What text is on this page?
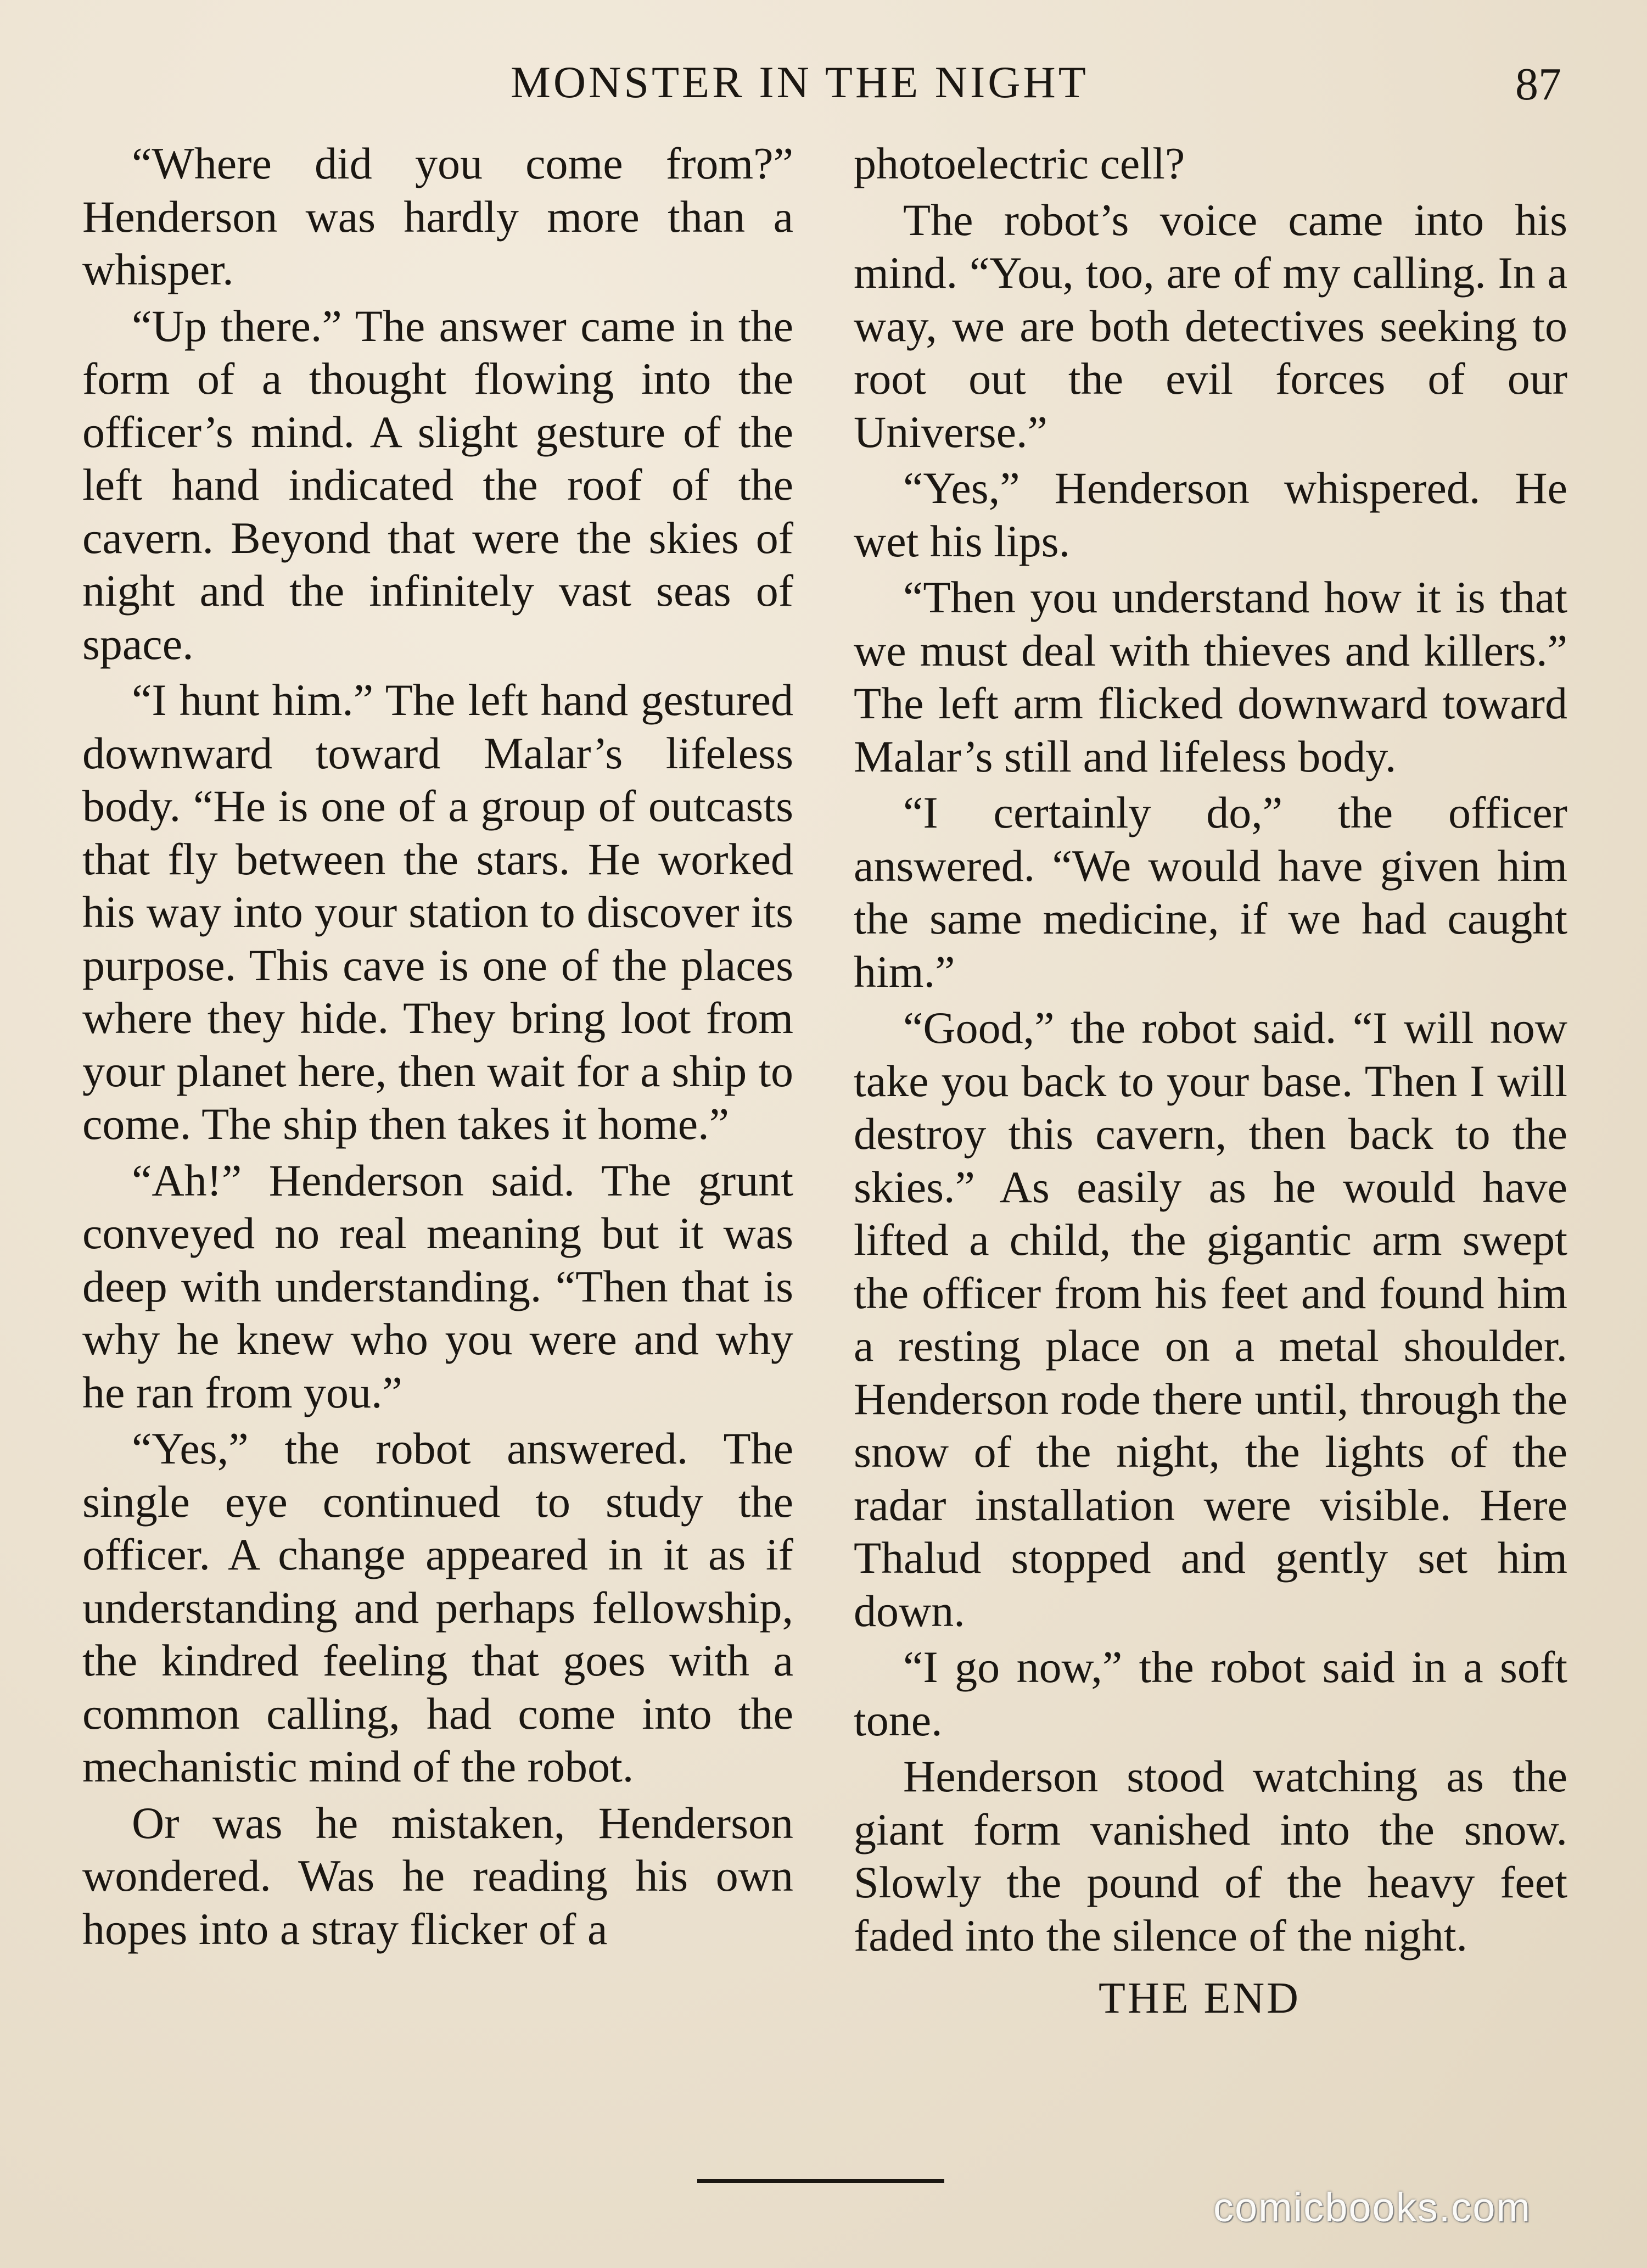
MONSTER IN THE NIGHT	87

“Where did you come from?” Henderson was hardly more than a whisper.

“Up there.” The answer came in the form of a thought flowing into the officer’s mind. A slight gesture of the left hand indicated the roof of the cavern. Beyond that were the skies of night and the infinitely vast seas of space.

“I hunt him.” The left hand gestured downward toward Malar’s lifeless body. “He is one of a group of outcasts that fly between the stars. He worked his way into your station to discover its purpose. This cave is one of the places where they hide. They bring loot from your planet here, then wait for a ship to come. The ship then takes it home.”

“Ah!” Henderson said. The grunt conveyed no real meaning but it was deep with understanding. “Then that is why he knew who you were and why he ran from you.”

“Yes,” the robot answered. The single eye continued to study the officer. A change appeared in it as if understanding and perhaps fellowship, the kindred feeling that goes with a common calling, had come into the mechanistic mind of the robot.

Or was he mistaken, Henderson wondered. Was he reading his own hopes into a stray flicker of a

photoelectric cell?

The robot’s voice came into his mind. “You, too, are of my calling. In a way, we are both detectives seeking to root out the evil forces of our Universe.”

“Yes,” Henderson whispered. He wet his lips.

“Then you understand how it is that we must deal with thieves and killers.” The left arm flicked downward toward Malar’s still and lifeless body.

“I certainly do,” the officer answered. “We would have given him the same medicine, if we had caught him.”

“Good,” the robot said. “I will now take you back to your base. Then I will destroy this cavern, then back to the skies.” As easily as he would have lifted a child, the gigantic arm swept the officer from his feet and found him a resting place on a metal shoulder. Henderson rode there until, through the snow of the night, the lights of the radar installation were visible. Here Thalud stopped and gently set him down.

“I go now,” the robot said in a soft tone.

Henderson stood watching as the giant form vanished into the snow. Slowly the pound of the heavy feet faded into the silence of the night.

THE END
comicbooks.com
